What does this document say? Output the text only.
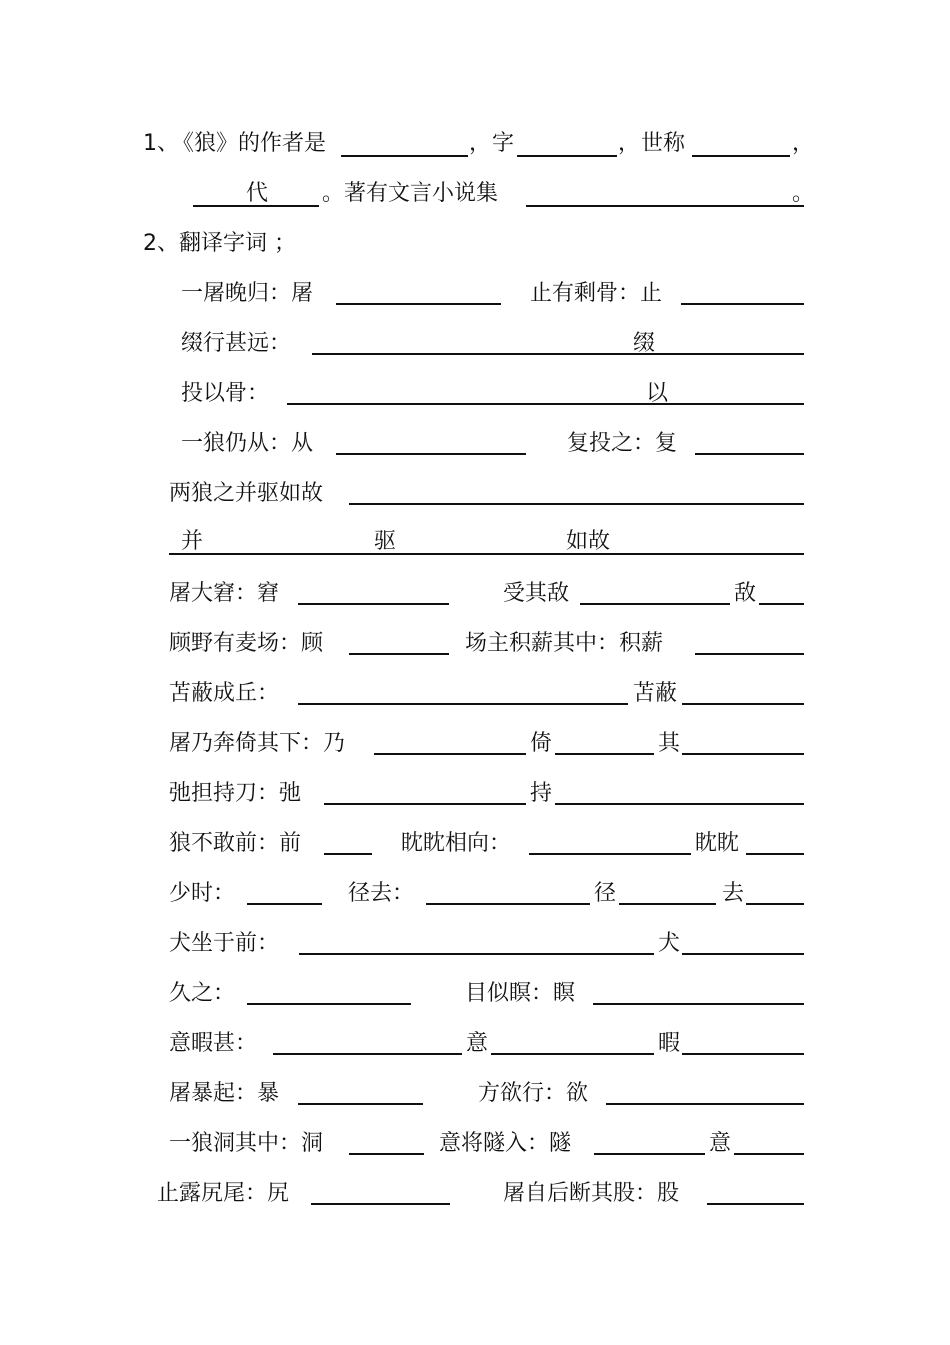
1、
《狼》 的作者是	， 字	， 世称	，
代 。著有文言小说集	。
2、翻译字词 ；
一屠晚归：屠	止有剩骨：止
缀行甚远：	缀
投以骨：	以
一狼仍从：从	复投之：复
两狼之并驱如故
并	驱	如故
屠大窘：窘	受其敌	敌
顾野有麦场：顾	场主积薪其中：积薪
苫蔽成丘：	苫蔽
屠乃奔倚其下：乃	倚	其
弛担持刀：弛	持
狼不敢前：前	眈眈相向：	眈眈
少时：	径去：	径	去
犬坐于前：	犬
久之：	目似瞑：瞑
意暇甚：	意	暇
屠暴起：暴	方欲行：欲
一狼洞其中：洞	意将隧入：隧	意
止露尻尾：尻	屠自后断其股：股
